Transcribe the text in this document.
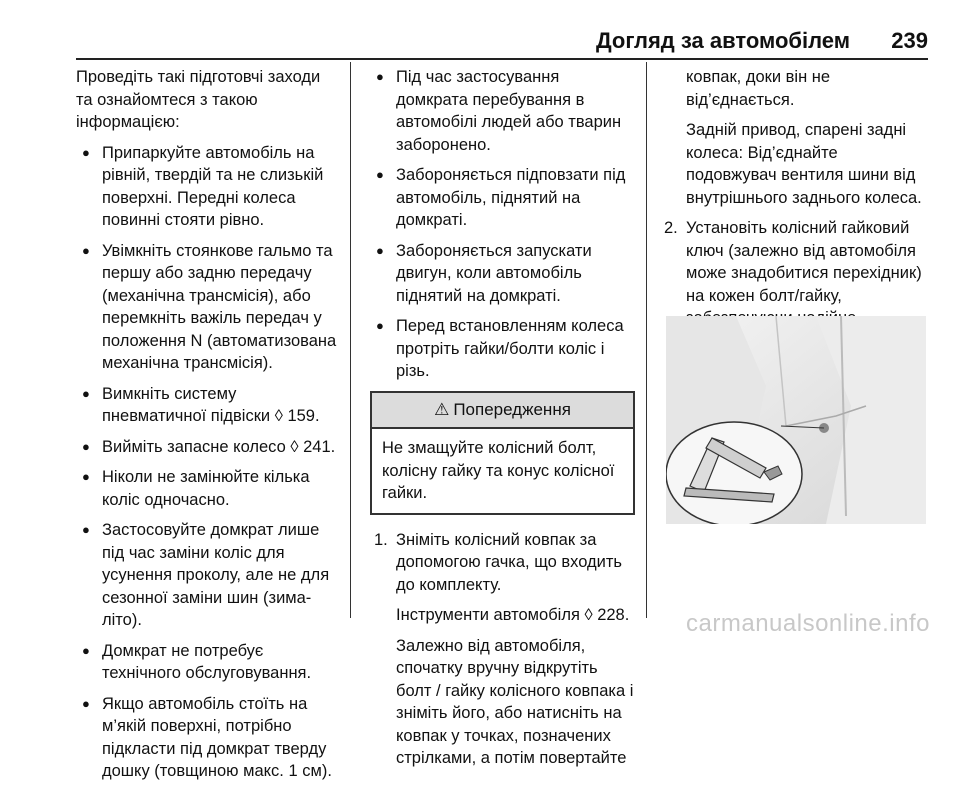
Догляд за автомобілем 239

Проведіть такі підготовчі заходи та ознайомтеся з такою інформацією:

● Припаркуйте автомобіль на рівній, твердій та не слизькій поверхні. Передні колеса повинні стояти рівно.
● Увімкніть стоянкове гальмо та першу або задню передачу (механічна трансмісія), або перемкніть важіль передач у положення N (автоматизована механічна трансмісія).
● Вимкніть систему пневматичної підвіски ◊ 159.
● Вийміть запасне колесо ◊ 241.
● Ніколи не замінюйте кілька коліс одночасно.
● Застосовуйте домкрат лише під час заміни коліс для усунення проколу, але не для сезонної заміни шин (зима-літо).
● Домкрат не потребує технічного обслуговування.
● Якщо автомобіль стоїть на м’якій поверхні, потрібно підкласти під домкрат тверду дошку (товщиною макс. 1 см).
● Під час застосування домкрата перебування в автомобілі людей або тварин заборонено.
● Забороняється підповзати під автомобіль, піднятий на домкраті.
● Забороняється запускати двигун, коли автомобіль піднятий на домкраті.
● Перед встановленням колеса протріть гайки/болти коліс і різь.
⚠ Попередження
Не змащуйте колісний болт, колісну гайку та конус колісної гайки.
1. Зніміть колісний ковпак за допомогою гачка, що входить до комплекту.
Інструменти автомобіля ◊ 228.
Залежно від автомобіля, спочатку вручну відкрутіть болт / гайку колісного ковпака і зніміть його, або натисніть на ковпак у точках, позначених стрілками, а потім повертайте
ковпак, доки він не від’єднається.
Задній привод, спарені задні колеса: Від’єднайте подовжувач вентиля шини від внутрішнього заднього колеса.
2. Установіть колісний гайковий ключ (залежно від автомобіля може знадобитися перехідник) на кожен болт/гайку,
carmanualsonline.info
